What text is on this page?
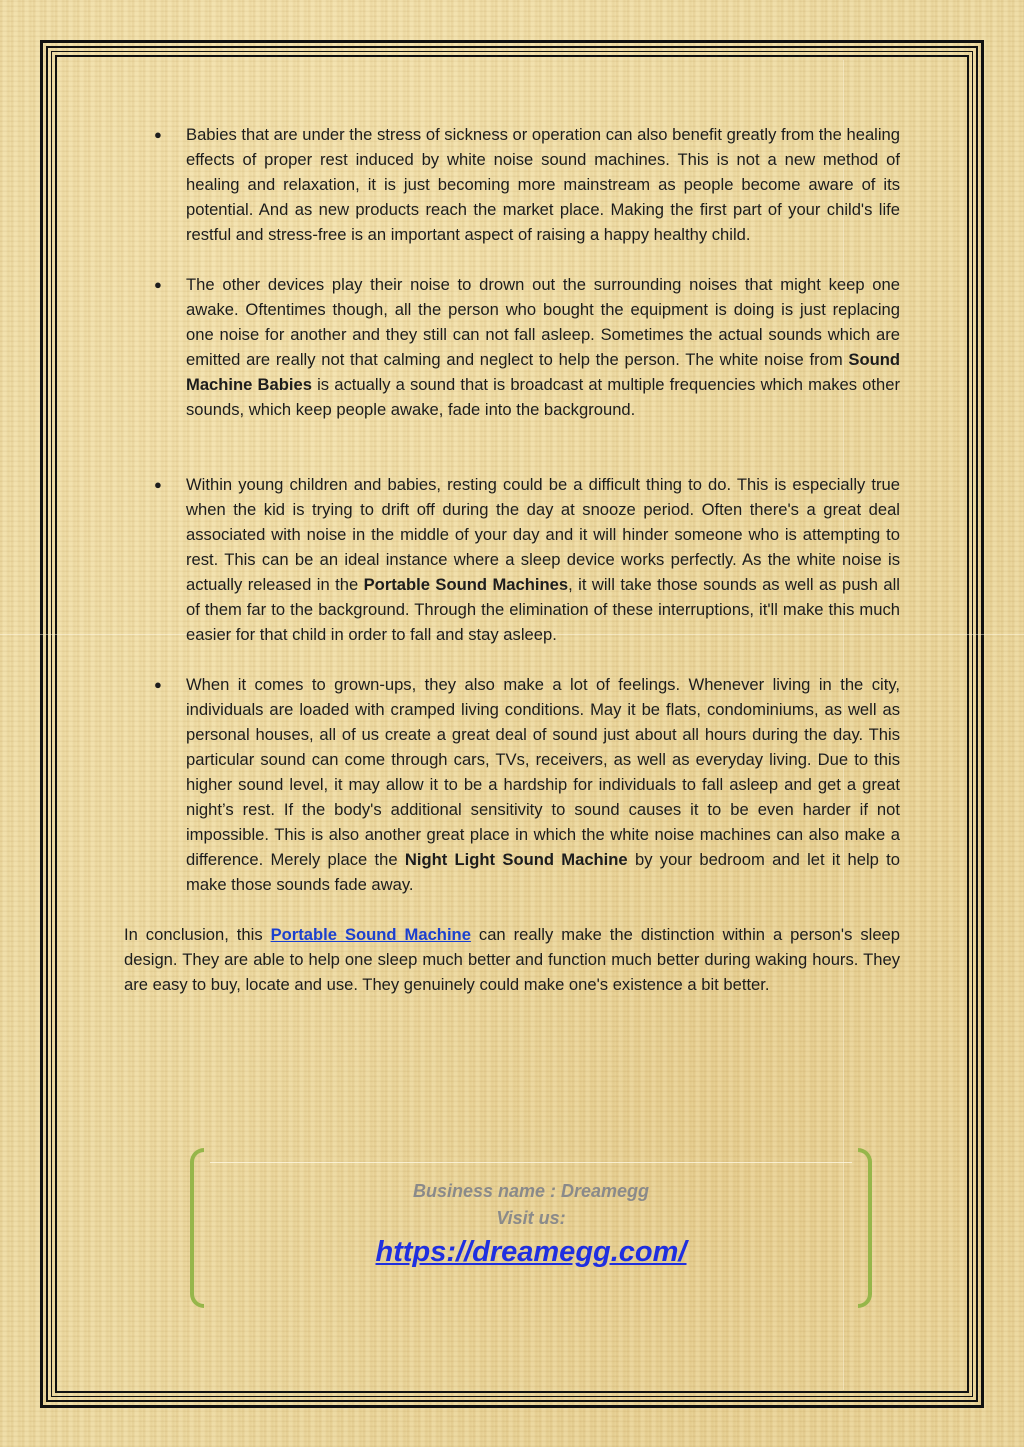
● Babies that are under the stress of sickness or operation can also benefit greatly from the healing effects of proper rest induced by white noise sound machines. This is not a new method of healing and relaxation, it is just becoming more mainstream as people become aware of its potential. And as new products reach the market place. Making the first part of your child's life restful and stress-free is an important aspect of raising a happy healthy child.

● The other devices play their noise to drown out the surrounding noises that might keep one awake. Oftentimes though, all the person who bought the equipment is doing is just replacing one noise for another and they still can not fall asleep. Sometimes the actual sounds which are emitted are really not that calming and neglect to help the person. The white noise from Sound Machine Babies is actually a sound that is broadcast at multiple frequencies which makes other sounds, which keep people awake, fade into the background.

● Within young children and babies, resting could be a difficult thing to do. This is especially true when the kid is trying to drift off during the day at snooze period. Often there's a great deal associated with noise in the middle of your day and it will hinder someone who is attempting to rest. This can be an ideal instance where a sleep device works perfectly. As the white noise is actually released in the Portable Sound Machines, it will take those sounds as well as push all of them far to the background. Through the elimination of these interruptions, it'll make this much easier for that child in order to fall and stay asleep.

● When it comes to grown-ups, they also make a lot of feelings. Whenever living in the city, individuals are loaded with cramped living conditions. May it be flats, condominiums, as well as personal houses, all of us create a great deal of sound just about all hours during the day. This particular sound can come through cars, TVs, receivers, as well as everyday living. Due to this higher sound level, it may allow it to be a hardship for individuals to fall asleep and get a great night’s rest. If the body's additional sensitivity to sound causes it to be even harder if not impossible. This is also another great place in which the white noise machines can also make a difference. Merely place the Night Light Sound Machine by your bedroom and let it help to make those sounds fade away.

In conclusion, this Portable Sound Machine can really make the distinction within a person's sleep design. They are able to help one sleep much better and function much better during waking hours. They are easy to buy, locate and use. They genuinely could make one's existence a bit better.

Business name : Dreamegg
Visit us:
https://dreamegg.com/
